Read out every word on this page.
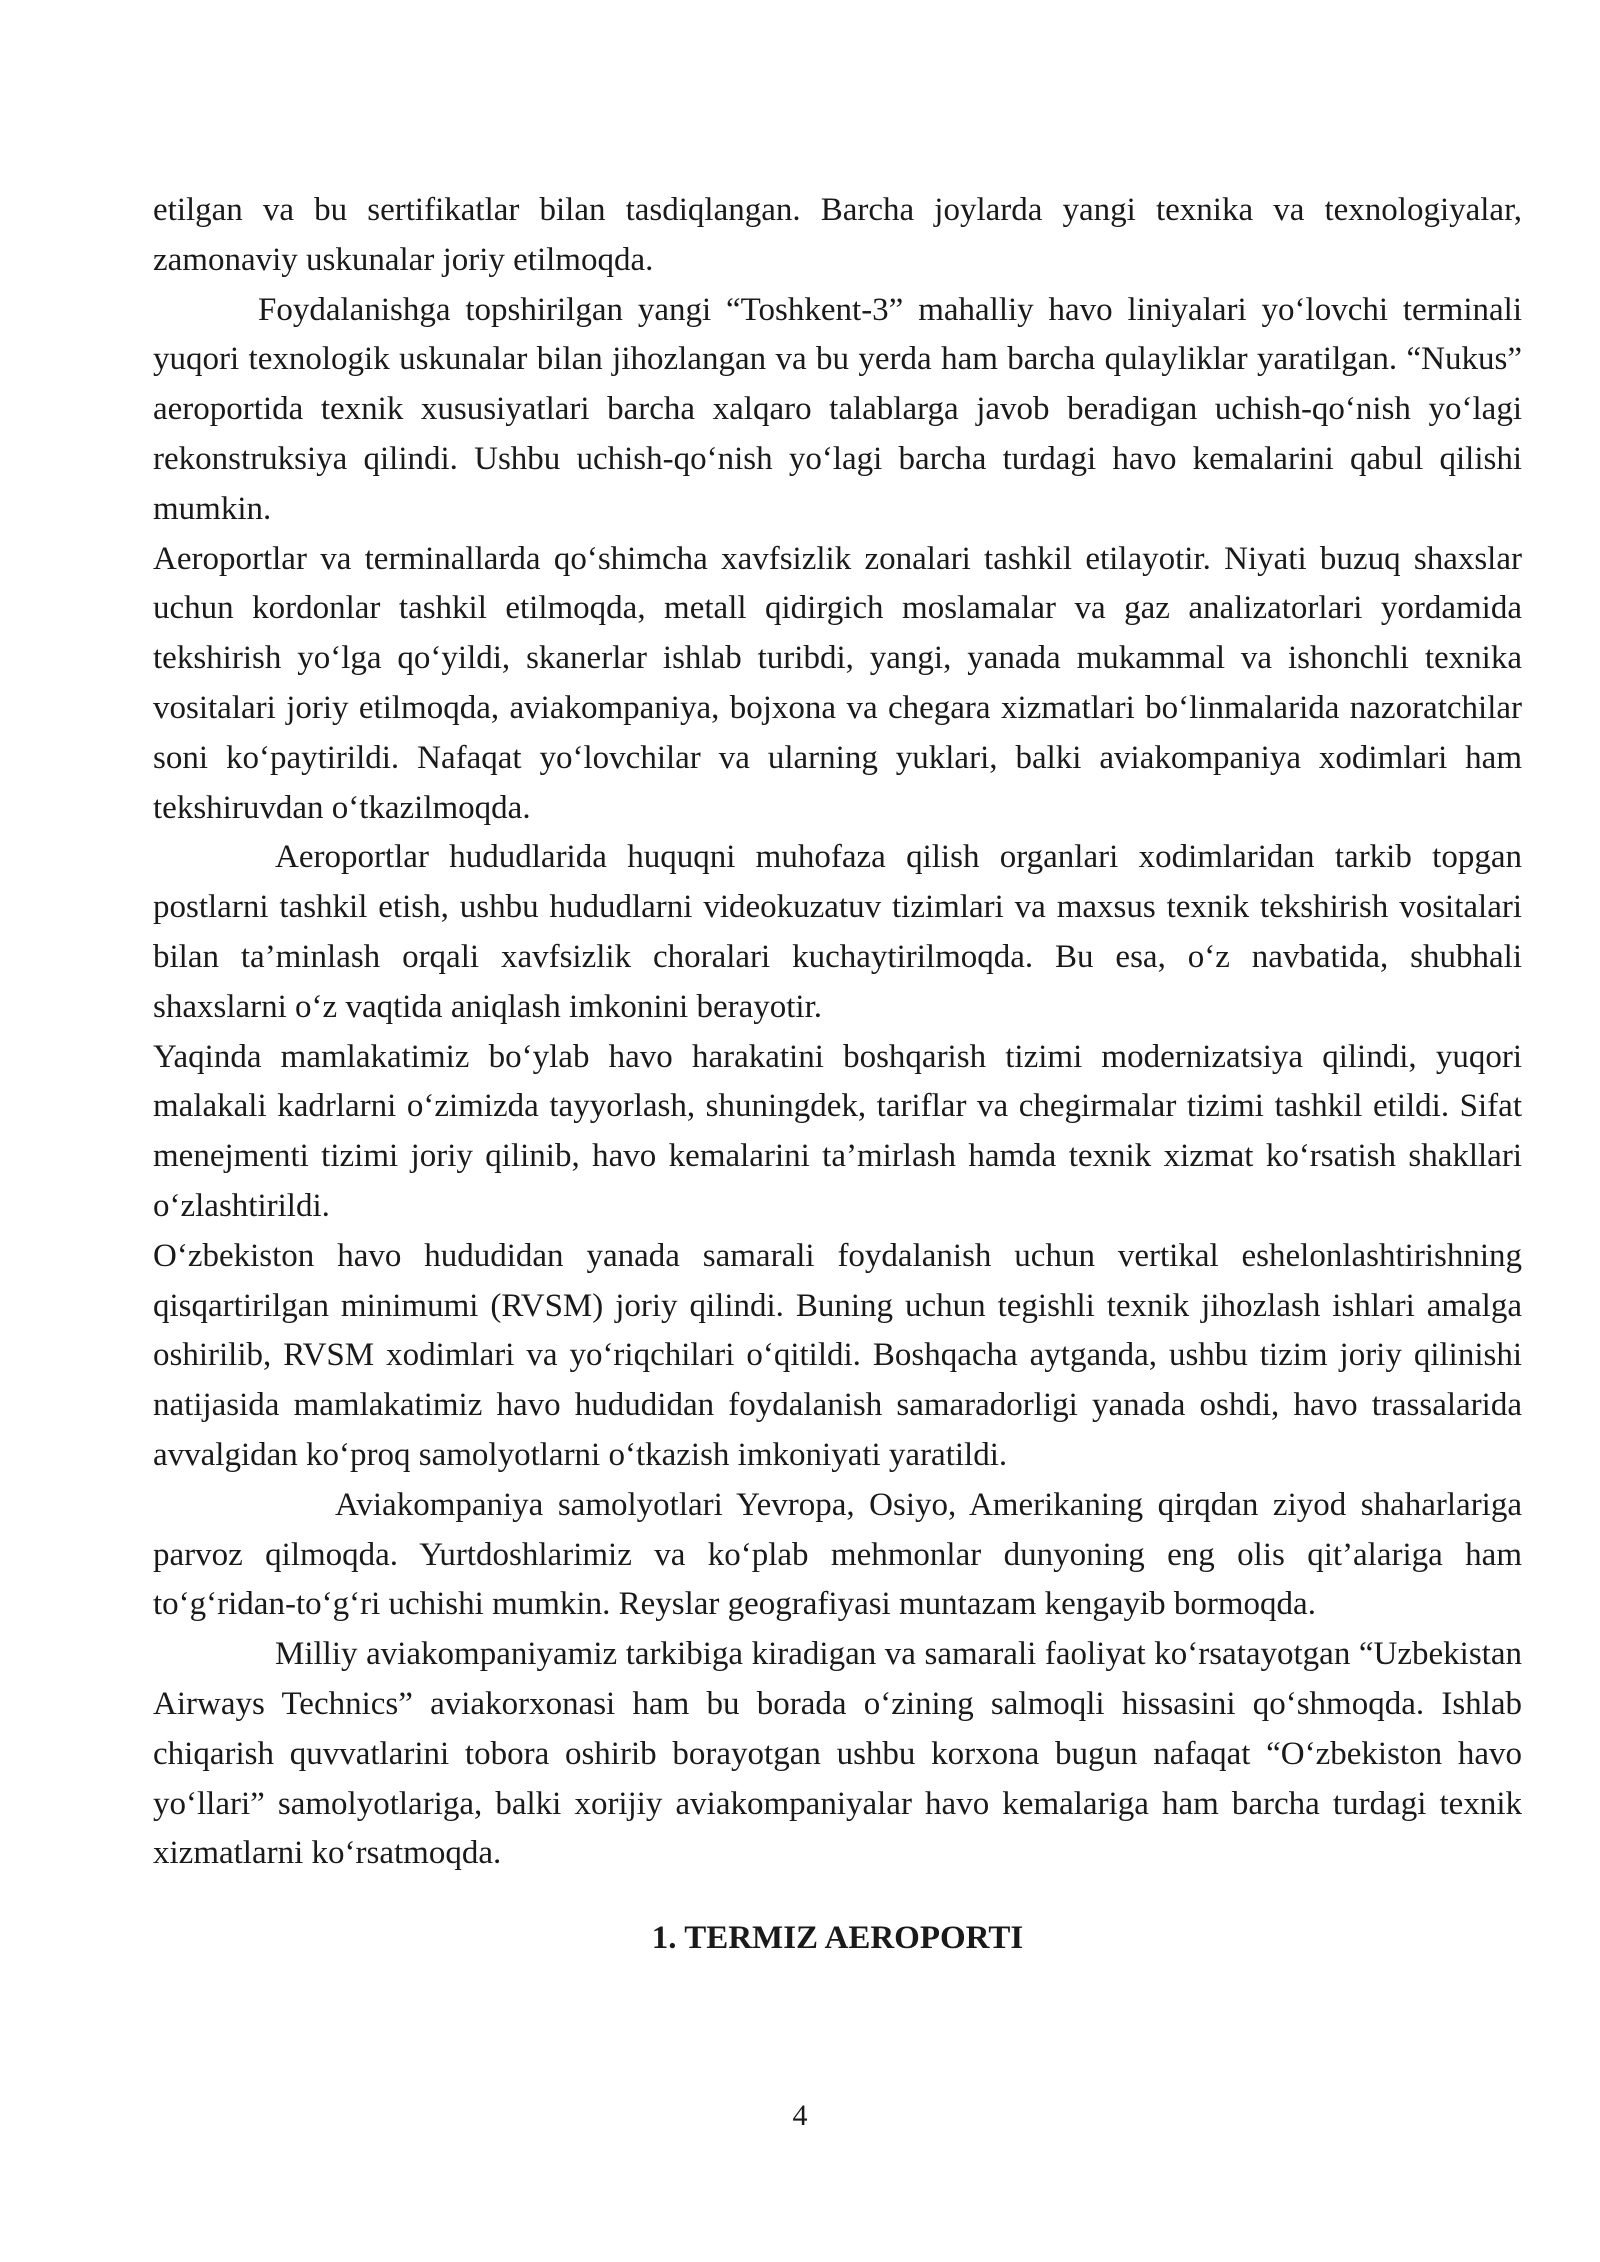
etilgan va bu sertifikatlar bilan tasdiqlangan. Barcha joylarda yangi texnika va texnologiyalar, zamonaviy uskunalar joriy etilmoqda.

Foydalanishga topshirilgan yangi “Toshkent-3” mahalliy havo liniyalari yo‘lovchi terminali yuqori texnologik uskunalar bilan jihozlangan va bu yerda ham barcha qulayliklar yaratilgan. “Nukus” aeroportida texnik xususiyatlari barcha xalqaro talablarga javob beradigan uchish-qo‘nish yo‘lagi rekonstruksiya qilindi. Ushbu uchish-qo‘nish yo‘lagi barcha turdagi havo kemalarini qabul qilishi mumkin.

Aeroportlar va terminallarda qo‘shimcha xavfsizlik zonalari tashkil etilayotir. Niyati buzuq shaxslar uchun kordonlar tashkil etilmoqda, metall qidirgich moslamalar va gaz analizatorlari yordamida tekshirish yo‘lga qo‘yildi, skanerlar ishlab turibdi, yangi, yanada mukammal va ishonchli texnika vositalari joriy etilmoqda, aviakompaniya, bojxona va chegara xizmatlari bo‘linmalarida nazoratchilar soni ko‘paytirildi. Nafaqat yo‘lovchilar va ularning yuklari, balki aviakompaniya xodimlari ham tekshiruvdan o‘tkazilmoqda.

Aeroportlar hududlarida huquqni muhofaza qilish organlari xodimlaridan tarkib topgan postlarni tashkil etish, ushbu hududlarni videokuzatuv tizimlari va maxsus texnik tekshirish vositalari bilan ta’minlash orqali xavfsizlik choralari kuchaytirilmoqda. Bu esa, o‘z navbatida, shubhali shaxslarni o‘z vaqtida aniqlash imkonini berayotir.

Yaqinda mamlakatimiz bo‘ylab havo harakatini boshqarish tizimi modernizatsiya qilindi, yuqori malakali kadrlarni o‘zimizda tayyorlash, shuningdek, tariflar va chegirmalar tizimi tashkil etildi. Sifat menejmenti tizimi joriy qilinib, havo kemalarini ta’mirlash hamda texnik xizmat ko‘rsatish shakllari o‘zlashtirildi.

O‘zbekiston havo hududidan yanada samarali foydalanish uchun vertikal eshelonlashtirishning qisqartirilgan minimumi (RVSM) joriy qilindi. Buning uchun tegishli texnik jihozlash ishlari amalga oshirilib, RVSM xodimlari va yo‘riqchilari o‘qitildi. Boshqacha aytganda, ushbu tizim joriy qilinishi natijasida mamlakatimiz havo hududidan foydalanish samaradorligi yanada oshdi, havo trassalarida avvalgidan ko‘proq samolyotlarni o‘tkazish imkoniyati yaratildi.

Aviakompaniya samolyotlari Yevropa, Osiyo, Amerikaning qirqdan ziyod shaharlariga parvoz qilmoqda. Yurtdoshlarimiz va ko‘plab mehmonlar dunyoning eng olis qit’alariga ham to‘g‘ridan-to‘g‘ri uchishi mumkin. Reyslar geografiyasi muntazam kengayib bormoqda.

Milliy aviakompaniyamiz tarkibiga kiradigan va samarali faoliyat ko‘rsatayotgan “Uzbekistan Airways Technics” aviakorxonasi ham bu borada o‘zining salmoqli hissasini qo‘shmoqda. Ishlab chiqarish quvvatlarini tobora oshirib borayotgan ushbu korxona bugun nafaqat “O‘zbekiston havo yo‘llari” samolyotlariga, balki xorijiy aviakompaniyalar havo kemalariga ham barcha turdagi texnik xizmatlarni ko‘rsatmoqda.

1. TERMIZ AEROPORTI
4
